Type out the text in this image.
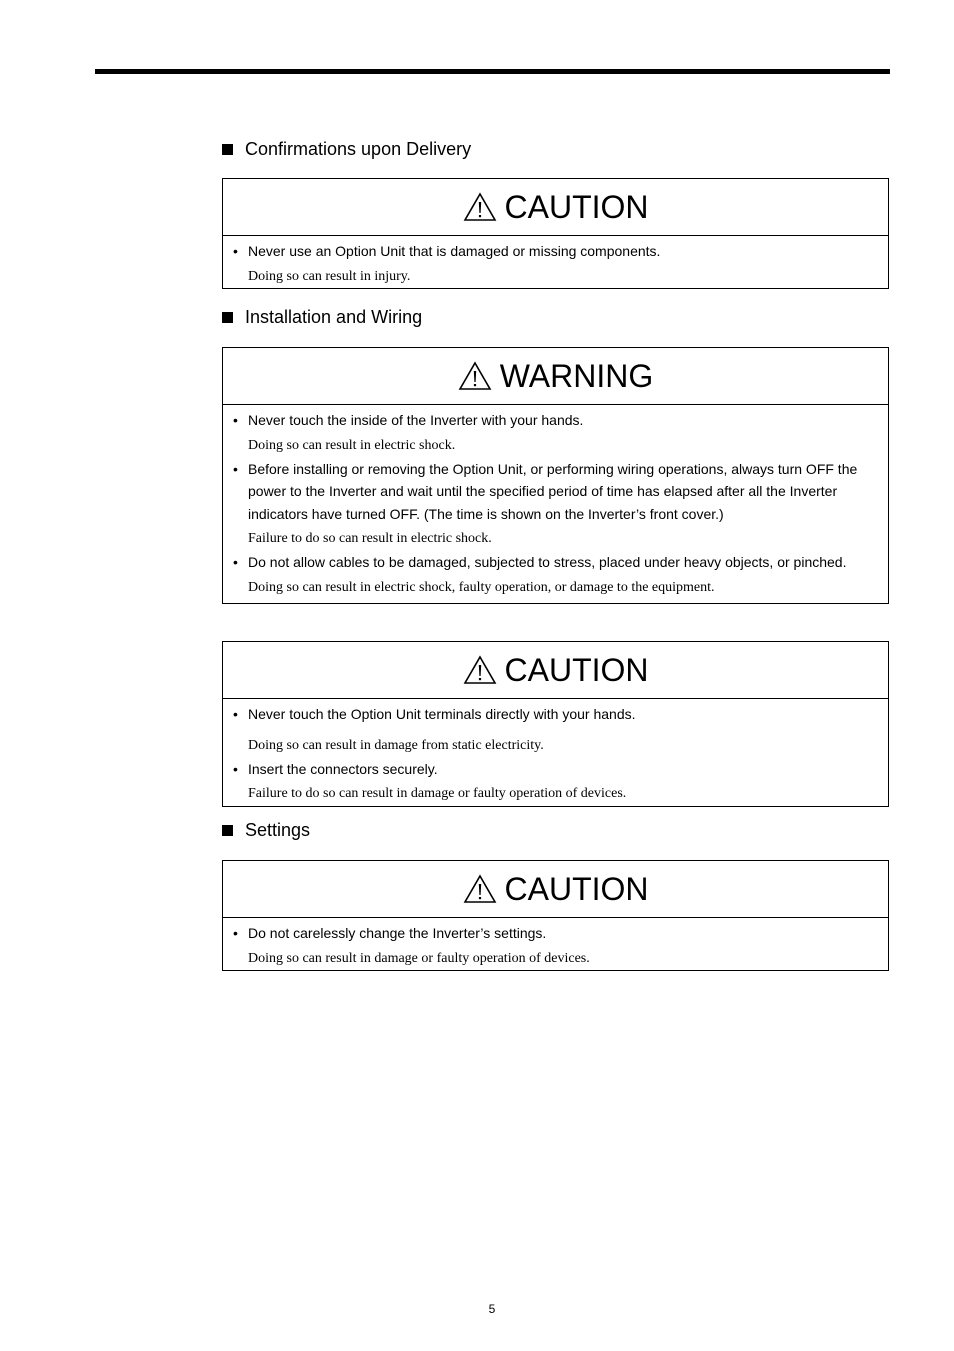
Confirmations upon Delivery
CAUTION
• Never use an Option Unit that is damaged or missing components.
Doing so can result in injury.
Installation and Wiring
WARNING
• Never touch the inside of the Inverter with your hands.
Doing so can result in electric shock.
• Before installing or removing the Option Unit, or performing wiring operations, always turn OFF the power to the Inverter and wait until the specified period of time has elapsed after all the Inverter indicators have turned OFF. (The time is shown on the Inverter’s front cover.)
Failure to do so can result in electric shock.
• Do not allow cables to be damaged, subjected to stress, placed under heavy objects, or pinched.
Doing so can result in electric shock, faulty operation, or damage to the equipment.
CAUTION
• Never touch the Option Unit terminals directly with your hands.
Doing so can result in damage from static electricity.
• Insert the connectors securely.
Failure to do so can result in damage or faulty operation of devices.
Settings
CAUTION
• Do not carelessly change the Inverter’s settings.
Doing so can result in damage or faulty operation of devices.
5
